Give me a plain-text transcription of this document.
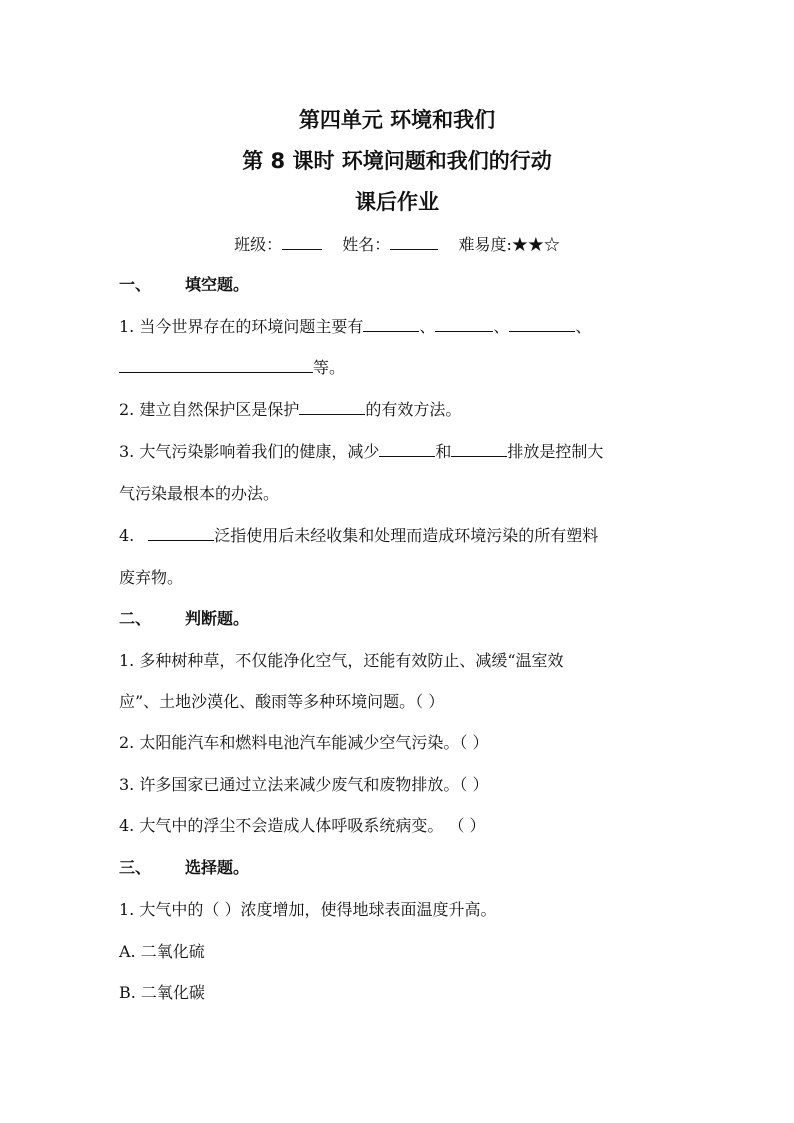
第四单元 环境和我们
第 8 课时 环境问题和我们的行动
课后作业
班级：	姓名：	难易度:★★☆
一、 填空题。
1. 当今世界存在的环境问题主要有	、	、	、
等。
2. 建立自然保护区是保护	的有效方法。
3. 大气污染影响着我们的健康，减少	和	排放是控制大
气污染最根本的办法。
4.	泛指使用后未经收集和处理而造成环境污染的所有塑料
废弃物。
二、 判断题。
1. 多种树种草，不仅能净化空气，还能有效防止、减缓“温室效
应”、土地沙漠化、酸雨等多种环境问题。（ ）
2. 太阳能汽车和燃料电池汽车能减少空气污染。（ ）
3. 许多国家已通过立法来减少废气和废物排放。（ ）
4. 大气中的浮尘不会造成人体呼吸系统病变。 （ ）
三、 选择题。
1. 大气中的（ ）浓度增加，使得地球表面温度升高。
A. 二氧化硫
B. 二氧化碳
